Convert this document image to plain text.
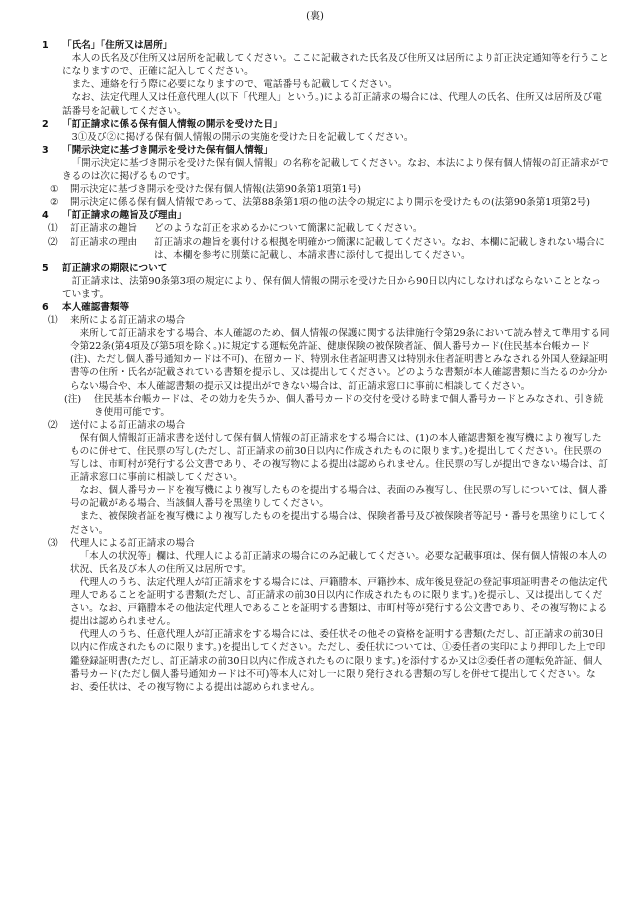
(裏)
1	「氏名」「住所又は居所」

本人の氏名及び住所又は居所を記載してください。ここに記載された氏名及び住所又は居所により訂正決定通知等を行うことになりますので、正確に記入してください。

また、連絡を行う際に必要になりますので、電話番号も記載してください。

なお、法定代理人又は任意代理人(以下「代理人」という。)による訂正請求の場合には、代理人の氏名、住所又は居所及び電話番号を記載してください。

2	「訂正請求に係る保有個人情報の開示を受けた日」

3①及び②に掲げる保有個人情報の開示の実施を受けた日を記載してください。

3	「開示決定に基づき開示を受けた保有個人情報」

「開示決定に基づき開示を受けた保有個人情報」の名称を記載してください。なお、本法により保有個人情報の訂正請求ができるのは次に掲げるものです。

①	開示決定に基づき開示を受けた保有個人情報(法第90条第1項第1号)
②	開示決定に係る保有個人情報であって、法第88条第1項の他の法令の規定により開示を受けたもの(法第90条第1項第2号)
4	「訂正請求の趣旨及び理由」
⑴	訂正請求の趣旨	どのような訂正を求めるかについて簡潔に記載してください。
⑵	訂正請求の理由	訂正請求の趣旨を裏付ける根拠を明確かつ簡潔に記載してください。なお、本欄に記載しきれない場合には、本欄を参考に別葉に記載し、本請求書に添付して提出してください。
5	訂正請求の期限について

訂正請求は、法第90条第3項の規定により、保有個人情報の開示を受けた日から90日以内にしなければならないこととなっています。

6	本人確認書類等
⑴	来所による訂正請求の場合

来所して訂正請求をする場合、本人確認のため、個人情報の保護に関する法律施行令第29条において読み替えて準用する同令第22条(第4項及び第5項を除く。)に規定する運転免許証、健康保険の被保険者証、個人番号カード(住民基本台帳カード(注)、ただし個人番号通知カードは不可)、在留カード、特別永住者証明書又は特別永住者証明書とみなされる外国人登録証明書等の住所・氏名が記載されている書類を提示し、又は提出してください。どのような書類が本人確認書類に当たるのか分からない場合や、本人確認書類の提示又は提出ができない場合は、訂正請求窓口に事前に相談してください。

(注)	住民基本台帳カードは、その効力を失うか、個人番号カードの交付を受ける時まで個人番号カードとみなされ、引き続き使用可能です。
⑵	送付による訂正請求の場合

保有個人情報訂正請求書を送付して保有個人情報の訂正請求をする場合には、(1)の本人確認書類を複写機により複写したものに併せて、住民票の写し(ただし、訂正請求の前30日以内に作成されたものに限ります。)を提出してください。住民票の写しは、市町村が発行する公文書であり、その複写物による提出は認められません。住民票の写しが提出できない場合は、訂正請求窓口に事前に相談してください。

なお、個人番号カードを複写機により複写したものを提出する場合は、表面のみ複写し、住民票の写しについては、個人番号の記載がある場合、当該個人番号を黒塗りしてください。

また、被保険者証を複写機により複写したものを提出する場合は、保険者番号及び被保険者等記号・番号を黒塗りにしてください。

⑶	代理人による訂正請求の場合

「本人の状況等」欄は、代理人による訂正請求の場合にのみ記載してください。必要な記載事項は、保有個人情報の本人の状況、氏名及び本人の住所又は居所です。

代理人のうち、法定代理人が訂正請求をする場合には、戸籍謄本、戸籍抄本、成年後見登記の登記事項証明書その他法定代理人であることを証明する書類(ただし、訂正請求の前30日以内に作成されたものに限ります。)を提示し、又は提出してください。なお、戸籍謄本その他法定代理人であることを証明する書類は、市町村等が発行する公文書であり、その複写物による提出は認められません。

代理人のうち、任意代理人が訂正請求をする場合には、委任状その他その資格を証明する書類(ただし、訂正請求の前30日以内に作成されたものに限ります。)を提出してください。ただし、委任状については、①委任者の実印により押印した上で印鑑登録証明書(ただし、訂正請求の前30日以内に作成されたものに限ります。)を添付するか又は②委任者の運転免許証、個人番号カード(ただし個人番号通知カードは不可)等本人に対し一に限り発行される書類の写しを併せて提出してください。なお、委任状は、その複写物による提出は認められません。
